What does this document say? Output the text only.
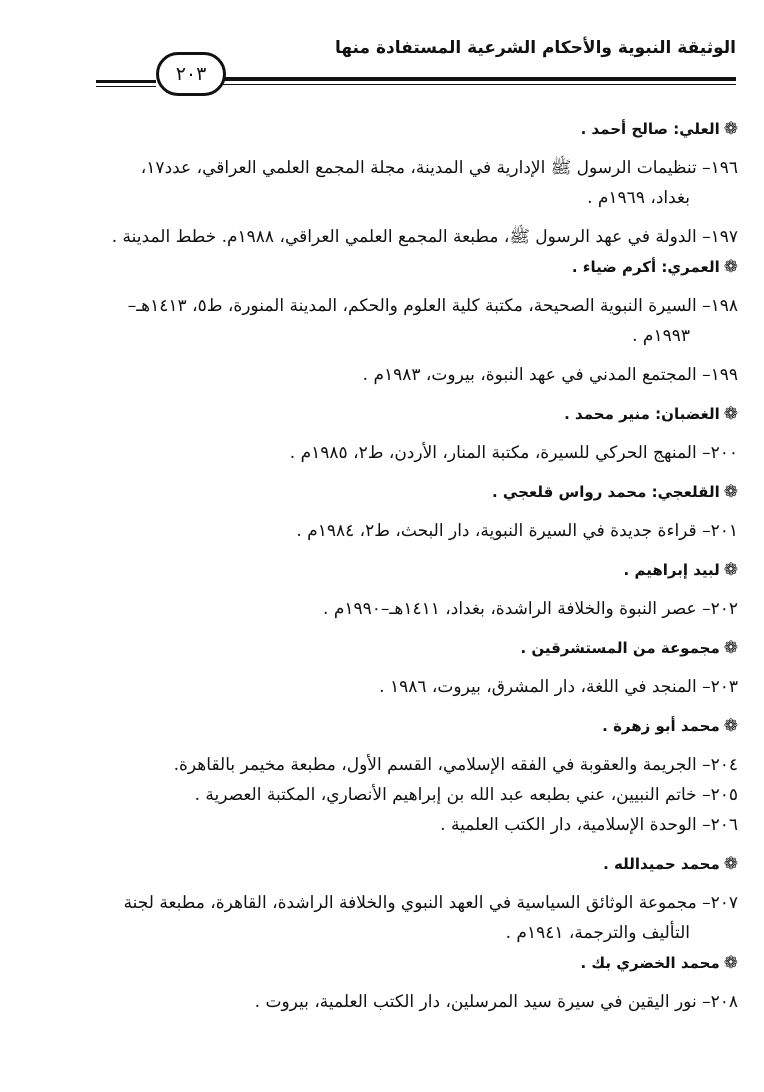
الوثيقة النبوية والأحكام الشرعية المستفادة منها
٢٠٣
❁العلي: صالح أحمد .
١٩٦– تنظيمات الرسول ﷺ الإدارية في المدينة، مجلة المجمع العلمي العراقي، عدد١٧،
بغداد، ١٩٦٩م .
١٩٧– الدولة في عهد الرسول ﷺ، مطبعة المجمع العلمي العراقي، ١٩٨٨م. خطط المدينة .
❁العمري: أكرم ضياء .
١٩٨– السيرة النبوية الصحيحة، مكتبة كلية العلوم والحكم، المدينة المنورة، ط٥، ١٤١٣هـ–
١٩٩٣م .
١٩٩– المجتمع المدني في عهد النبوة، بيروت، ١٩٨٣م .
❁الغضبان: منير محمد .
٢٠٠– المنهج الحركي للسيرة، مكتبة المنار، الأردن، ط٢، ١٩٨٥م .
❁القلعجي: محمد رواس قلعجي .
٢٠١– قراءة جديدة في السيرة النبوية، دار البحث، ط٢، ١٩٨٤م .
❁لبيد إبراهيم .
٢٠٢– عصر النبوة والخلافة الراشدة، بغداد، ١٤١١هـ–١٩٩٠م .
❁مجموعة من المستشرقين .
٢٠٣– المنجد في اللغة، دار المشرق، بيروت، ١٩٨٦ .
❁محمد أبو زهرة .
٢٠٤– الجريمة والعقوبة في الفقه الإسلامي، القسم الأول، مطبعة مخيمر بالقاهرة.
٢٠٥– خاتم النبيين، عني بطبعه عبد الله بن إبراهيم الأنصاري، المكتبة العصرية .
٢٠٦– الوحدة الإسلامية، دار الكتب العلمية .
❁محمد حميدالله .
٢٠٧– مجموعة الوثائق السياسية في العهد النبوي والخلافة الراشدة، القاهرة، مطبعة لجنة
التأليف والترجمة، ١٩٤١م .
❁محمد الخضري بك .
٢٠٨– نور اليقين في سيرة سيد المرسلين، دار الكتب العلمية، بيروت .
